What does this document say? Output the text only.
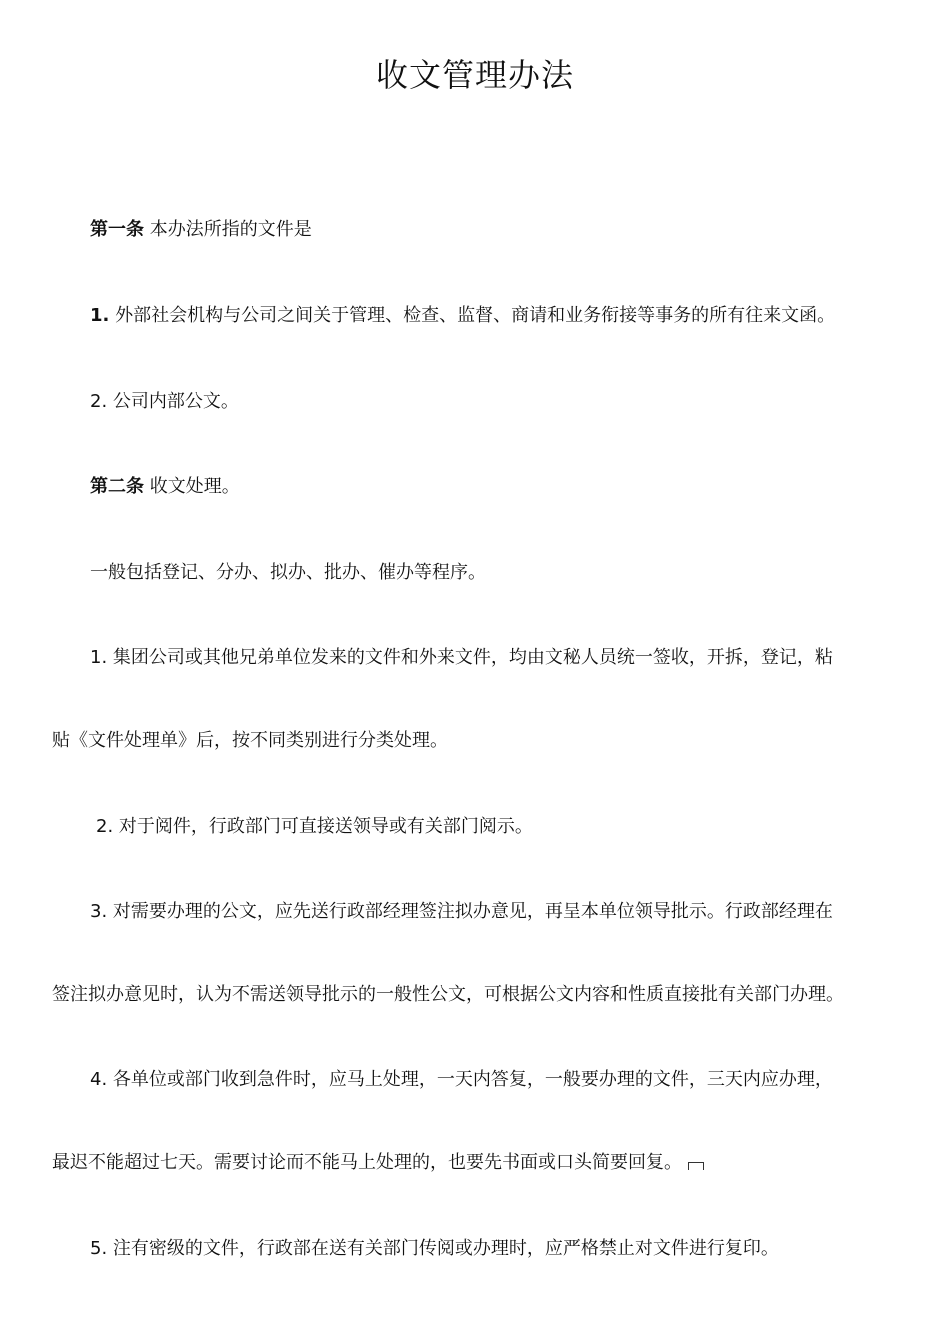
收文管理办法

第一条 本办法所指的文件是

1. 外部社会机构与公司之间关于管理、检查、监督、商请和业务衔接等事务的所有往来文函。

2. 公司内部公文。

第二条 收文处理。

一般包括登记、分办、拟办、批办、催办等程序。

1. 集团公司或其他兄弟单位发来的文件和外来文件，均由文秘人员统一签收，开拆，登记，粘

贴《文件处理单》后，按不同类别进行分类处理。

2. 对于阅件，行政部门可直接送领导或有关部门阅示。

3. 对需要办理的公文，应先送行政部经理签注拟办意见，再呈本单位领导批示。行政部经理在

签注拟办意见时，认为不需送领导批示的一般性公文，可根据公文内容和性质直接批有关部门办理。

4. 各单位或部门收到急件时，应马上处理，一天内答复，一般要办理的文件，三天内应办理，

最迟不能超过七天。需要讨论而不能马上处理的，也要先书面或口头简要回复。

5. 注有密级的文件，行政部在送有关部门传阅或办理时，应严格禁止对文件进行复印。
